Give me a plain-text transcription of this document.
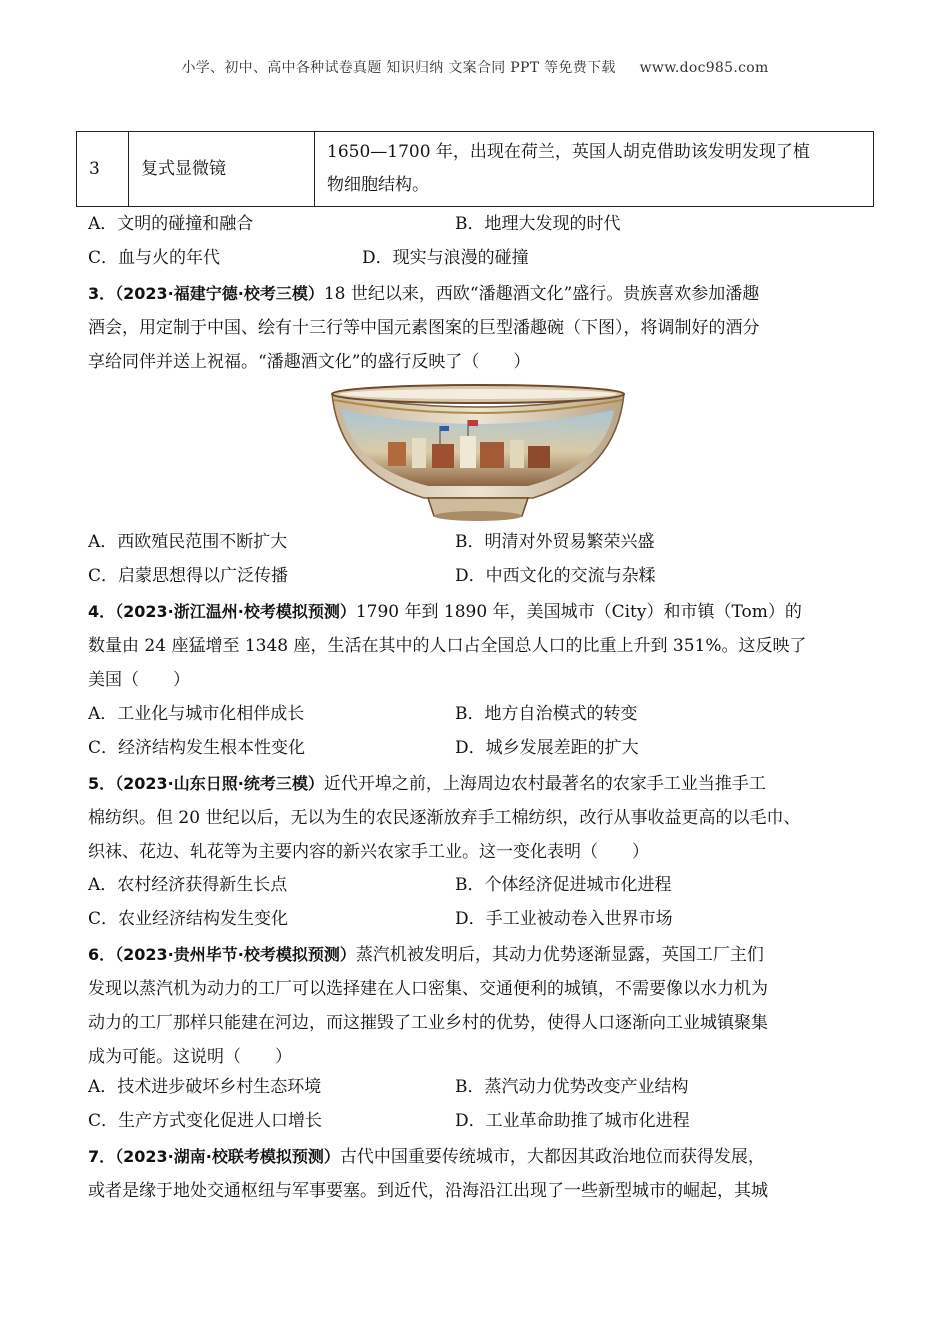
小学、初中、高中各种试卷真题 知识归纳 文案合同 PPT 等免费下载 www.doc985.com
3	复式显微镜	
1650—1700 年，出现在荷兰，英国人胡克借助该发明发现了植
物细胞结构。
A．文明的碰撞和融合	B．地理大发现的时代
C．血与火的年代	D．现实与浪漫的碰撞
3．（2023·福建宁德·校考三模）18 世纪以来，西欧“潘趣酒文化”盛行。贵族喜欢参加潘趣
酒会，用定制于中国、绘有十三行等中国元素图案的巨型潘趣碗（下图），将调制好的酒分
享给同伴并送上祝福。“潘趣酒文化”的盛行反映了（　　）
A．西欧殖民范围不断扩大	B．明清对外贸易繁荣兴盛
C．启蒙思想得以广泛传播	D．中西文化的交流与杂糅
4．（2023·浙江温州·校考模拟预测）1790 年到 1890 年，美国城市（City）和市镇（Tom）的
数量由 24 座猛增至 1348 座，生活在其中的人口占全国总人口的比重上升到 351%。这反映了
美国（　　）
A．工业化与城市化相伴成长	B．地方自治模式的转变
C．经济结构发生根本性变化	D．城乡发展差距的扩大
5．（2023·山东日照·统考三模）近代开埠之前，上海周边农村最著名的农家手工业当推手工
棉纺织。但 20 世纪以后，无以为生的农民逐渐放弃手工棉纺织，改行从事收益更高的以毛巾、
织袜、花边、轧花等为主要内容的新兴农家手工业。这一变化表明（　　）
A．农村经济获得新生长点	B．个体经济促进城市化进程
C．农业经济结构发生变化	D．手工业被动卷入世界市场
6．（2023·贵州毕节·校考模拟预测）蒸汽机被发明后，其动力优势逐渐显露，英国工厂主们
发现以蒸汽机为动力的工厂可以选择建在人口密集、交通便利的城镇，不需要像以水力机为
动力的工厂那样只能建在河边，而这摧毁了工业乡村的优势，使得人口逐渐向工业城镇聚集
成为可能。这说明（　　）
A．技术进步破坏乡村生态环境	B．蒸汽动力优势改变产业结构
C．生产方式变化促进人口增长	D．工业革命助推了城市化进程
7．（2023·湖南·校联考模拟预测）古代中国重要传统城市，大都因其政治地位而获得发展，
或者是缘于地处交通枢纽与军事要塞。到近代，沿海沿江出现了一些新型城市的崛起，其城
